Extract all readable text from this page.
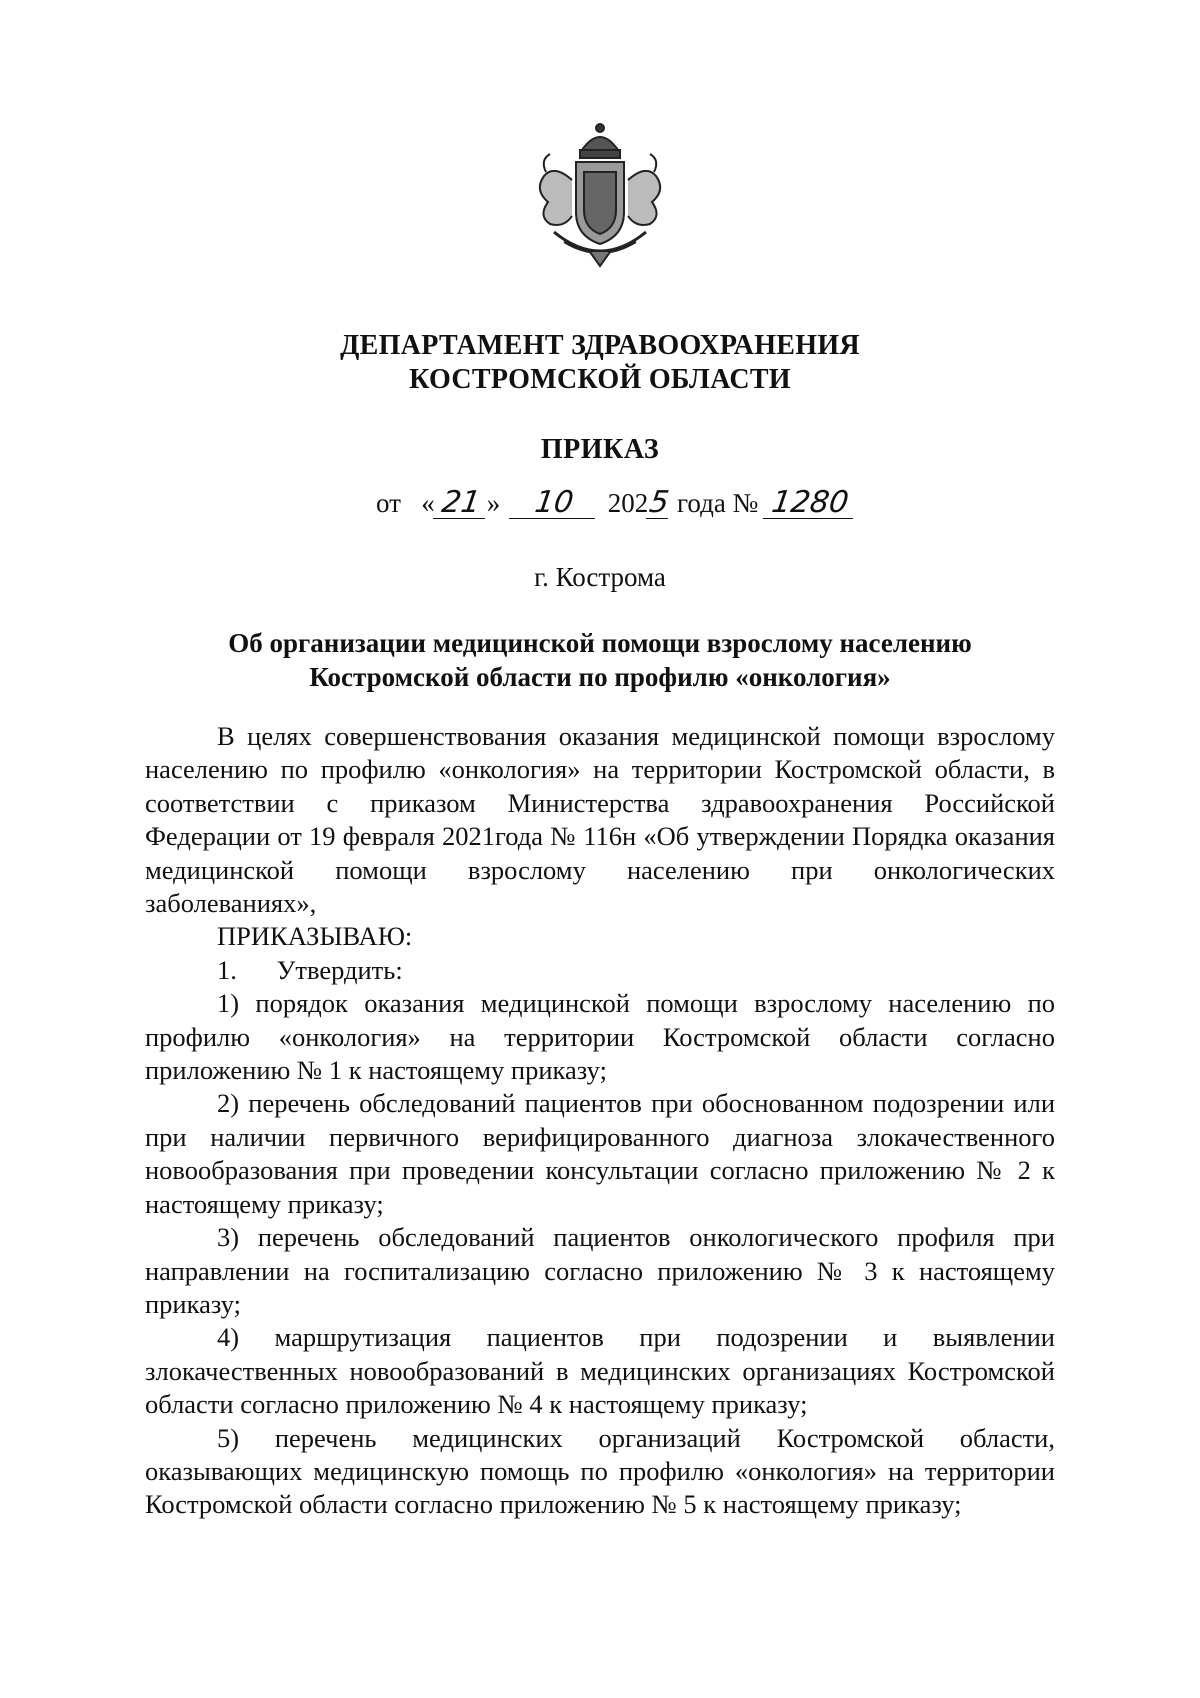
ДЕПАРТАМЕНТ ЗДРАВООХРАНЕНИЯ
КОСТРОМСКОЙ ОБЛАСТИ
ПРИКАЗ
от « 21 » 10 2025 года № 1280
г. Кострома
Об организации медицинской помощи взрослому населению
Костромской области по профилю «онкология»

В целях совершенствования оказания медицинской помощи взрослому населению по профилю «онкология» на территории Костромской области, в соответствии с приказом Министерства здравоохранения Российской Федерации от 19 февраля 2021года № 116н «Об утверждении Порядка оказания медицинской помощи взрослому населению при онкологических заболеваниях»,

ПРИКАЗЫВАЮ:

1. Утвердить:

1) порядок оказания медицинской помощи взрослому населению по профилю «онкология» на территории Костромской области согласно приложению № 1 к настоящему приказу;

2) перечень обследований пациентов при обоснованном подозрении или при наличии первичного верифицированного диагноза злокачественного новообразования при проведении консультации согласно приложению № 2 к настоящему приказу;

3) перечень обследований пациентов онкологического профиля при направлении на госпитализацию согласно приложению № 3 к настоящему приказу;

4) маршрутизация пациентов при подозрении и выявлении злокачественных новообразований в медицинских организациях Костромской области согласно приложению № 4 к настоящему приказу;

5) перечень медицинских организаций Костромской области, оказывающих медицинскую помощь по профилю «онкология» на территории Костромской области согласно приложению № 5 к настоящему приказу;
